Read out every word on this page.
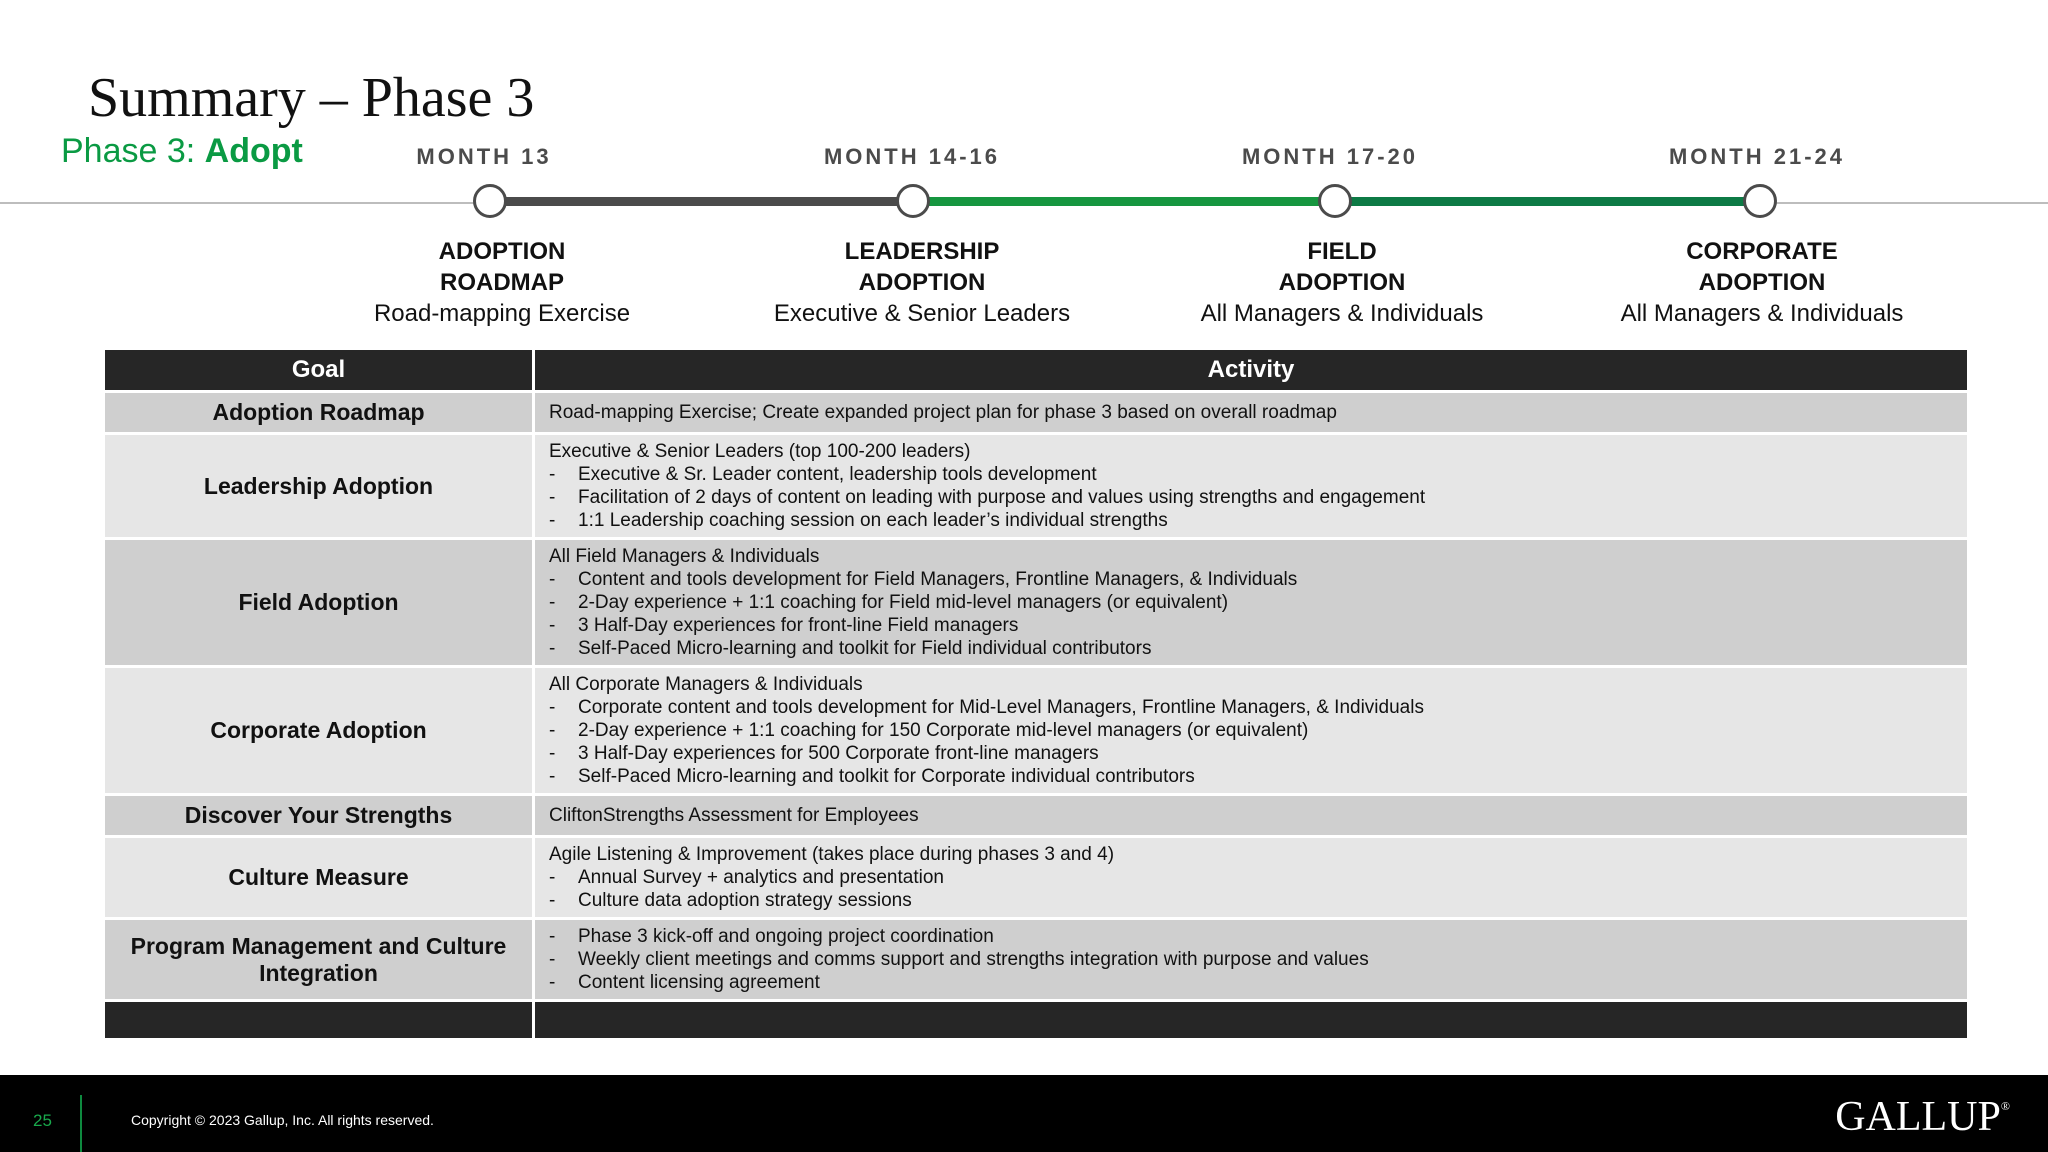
Summary – Phase 3
Phase 3: Adopt	MONTH 13	MONTH 14-16	MONTH 17-20	MONTH 21-24
ADOPTION
ROADMAP
Road-mapping Exercise
LEADERSHIP
ADOPTION
Executive & Senior Leaders
FIELD
ADOPTION
All Managers & Individuals
CORPORATE
ADOPTION
All Managers & Individuals
Goal	Activity
Adoption Roadmap	Road-mapping Exercise; Create expanded project plan for phase 3 based on overall roadmap

Leadership Adoption	Executive & Senior Leaders (top 100-200 leaders)
- Executive & Sr. Leader content, leadership tools development
- Facilitation of 2 days of content on leading with purpose and values using strengths and engagement
- 1:1 Leadership coaching session on each leader’s individual strengths

Field Adoption	All Field Managers & Individuals
- Content and tools development for Field Managers, Frontline Managers, & Individuals
- 2-Day experience + 1:1 coaching for Field mid-level managers (or equivalent)
- 3 Half-Day experiences for front-line Field managers
- Self-Paced Micro-learning and toolkit for Field individual contributors

Corporate Adoption	All Corporate Managers & Individuals
- Corporate content and tools development for Mid-Level Managers, Frontline Managers, & Individuals
- 2-Day experience + 1:1 coaching for 150 Corporate mid-level managers (or equivalent)
- 3 Half-Day experiences for 500 Corporate front-line managers
- Self-Paced Micro-learning and toolkit for Corporate individual contributors

Discover Your Strengths	CliftonStrengths Assessment for Employees

Culture Measure	Agile Listening & Improvement (takes place during phases 3 and 4)
- Annual Survey + analytics and presentation
- Culture data adoption strategy sessions

Program Management and Culture Integration	- Phase 3 kick-off and ongoing project coordination
- Weekly client meetings and comms support and strengths integration with purpose and values
- Content licensing agreement

25	Copyright © 2023 Gallup, Inc. All rights reserved.	GALLUP®
